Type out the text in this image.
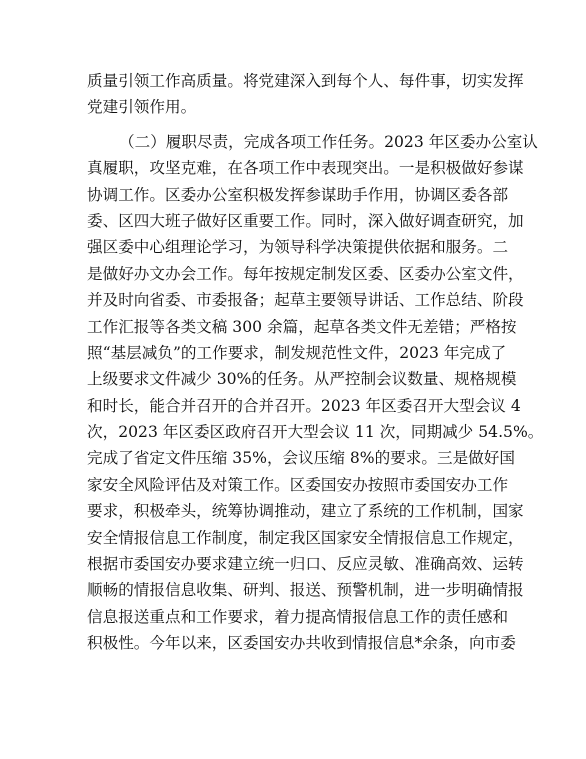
质量引领工作高质量。将党建深入到每个人、每件事，切实发挥
党建引领作用。
（二）履职尽责，完成各项工作任务。2023 年区委办公室认
真履职，攻坚克难，在各项工作中表现突出。一是积极做好参谋
协调工作。区委办公室积极发挥参谋助手作用，协调区委各部
委、区四大班子做好区重要工作。同时，深入做好调查研究，加
强区委中心组理论学习，为领导科学决策提供依据和服务。二
是做好办文办会工作。每年按规定制发区委、区委办公室文件，
并及时向省委、市委报备；起草主要领导讲话、工作总结、阶段
工作汇报等各类文稿 300 余篇，起草各类文件无差错；严格按
照“基层减负”的工作要求，制发规范性文件，2023 年完成了
上级要求文件减少 30%的任务。从严控制会议数量、规格规模
和时长，能合并召开的合并召开。2023 年区委召开大型会议 4
次，2023 年区委区政府召开大型会议 11 次，同期减少 54.5%。
完成了省定文件压缩 35%，会议压缩 8%的要求。三是做好国
家安全风险评估及对策工作。区委国安办按照市委国安办工作
要求，积极牵头，统筹协调推动，建立了系统的工作机制，国家
安全情报信息工作制度，制定我区国家安全情报信息工作规定，
根据市委国安办要求建立统一归口、反应灵敏、准确高效、运转
顺畅的情报信息收集、研判、报送、预警机制，进一步明确情报
信息报送重点和工作要求，着力提高情报信息工作的责任感和
积极性。今年以来，区委国安办共收到情报信息*余条，向市委
